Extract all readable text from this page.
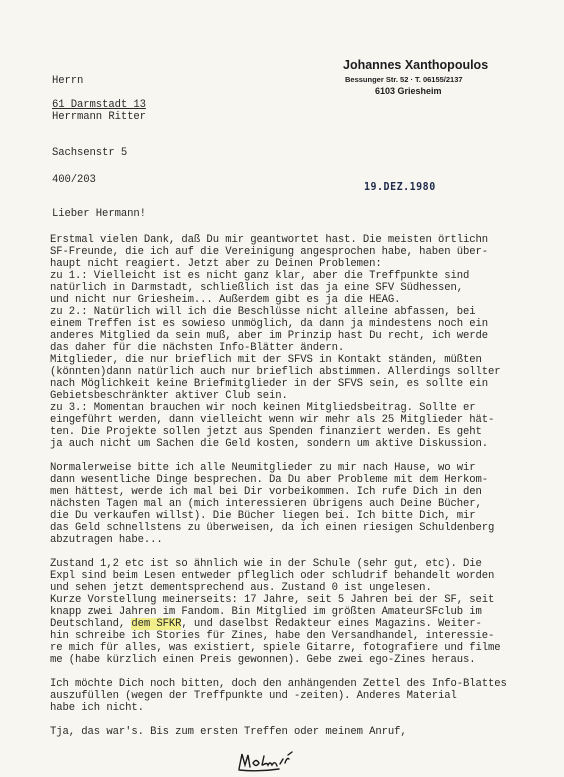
Herrn

Herrmann Ritter

Sachsenstr 5

61 Darmstadt 13
Johannes Xanthopoulos
Bessunger Str. 52 · T. 06155/2137
6103 Griesheim
400/203
19.DEZ.1980
Lieber Hermann!
Erstmal vielen Dank, daß Du mir geantwortet hast. Die meisten örtlichn
SF-Freunde, die ich auf die Vereinigung angesprochen habe, haben über-
haupt nicht reagiert. Jetzt aber zu Deinen Problemen:
zu 1.: Vielleicht ist es nicht ganz klar, aber die Treffpunkte sind
natürlich in Darmstadt, schließlich ist das ja eine SFV Südhessen,
und nicht nur Griesheim... Außerdem gibt es ja die HEAG.
zu 2.: Natürlich will ich die Beschlüsse nicht alleine abfassen, bei
einem Treffen ist es sowieso unmöglich, da dann ja mindestens noch ein
anderes Mitglied da sein muß, aber im Prinzip hast Du recht, ich werde
das daher für die nächsten Info-Blätter ändern.
Mitglieder, die nur brieflich mit der SFVS in Kontakt ständen, müßten
(könnten)dann natürlich auch nur brieflich abstimmen. Allerdings sollter
nach Möglichkeit keine Briefmitglieder in der SFVS sein, es sollte ein
Gebietsbeschränkter aktiver Club sein.
zu 3.: Momentan brauchen wir noch keinen Mitgliedsbeitrag. Sollte er
eingeführt werden, dann vielleicht wenn wir mehr als 25 Mitglieder hät-
ten. Die Projekte sollen jetzt aus Spenden finanziert werden. Es geht
ja auch nicht um Sachen die Geld kosten, sondern um aktive Diskussion.
Normalerweise bitte ich alle Neumitglieder zu mir nach Hause, wo wir
dann wesentliche Dinge besprechen. Da Du aber Probleme mit dem Herkom-
men hättest, werde ich mal bei Dir vorbeikommen. Ich rufe Dich in den
nächsten Tagen mal an (mich interessieren übrigens auch Deine Bücher,
die Du verkaufen willst). Die Bücher liegen bei. Ich bitte Dich, mir
das Geld schnellstens zu überweisen, da ich einen riesigen Schuldenberg
abzutragen habe...
Zustand 1,2 etc ist so ähnlich wie in der Schule (sehr gut, etc). Die
Expl sind beim Lesen entweder pfleglich oder schludrif behandelt worden
und sehen jetzt dementsprechend aus. Zustand 0 ist ungelesen.
Kurze Vorstellung meinerseits: 17 Jahre, seit 5 Jahren bei der SF, seit
knapp zwei Jahren im Fandom. Bin Mitglied im größten AmateurSFclub im
Deutschland, dem SFKR, und daselbst Redakteur eines Magazins. Weiter-
hin schreibe ich Stories für Zines, habe den Versandhandel, interessie-
re mich für alles, was existiert, spiele Gitarre, fotografiere und filme
me (habe kürzlich einen Preis gewonnen). Gebe zwei ego-Zines heraus.
Ich möchte Dich noch bitten, doch den anhängenden Zettel des Info-Blattes
auszufüllen (wegen der Treffpunkte und -zeiten). Anderes Material
habe ich nicht.
Tja, das war's. Bis zum ersten Treffen oder meinem Anruf,
